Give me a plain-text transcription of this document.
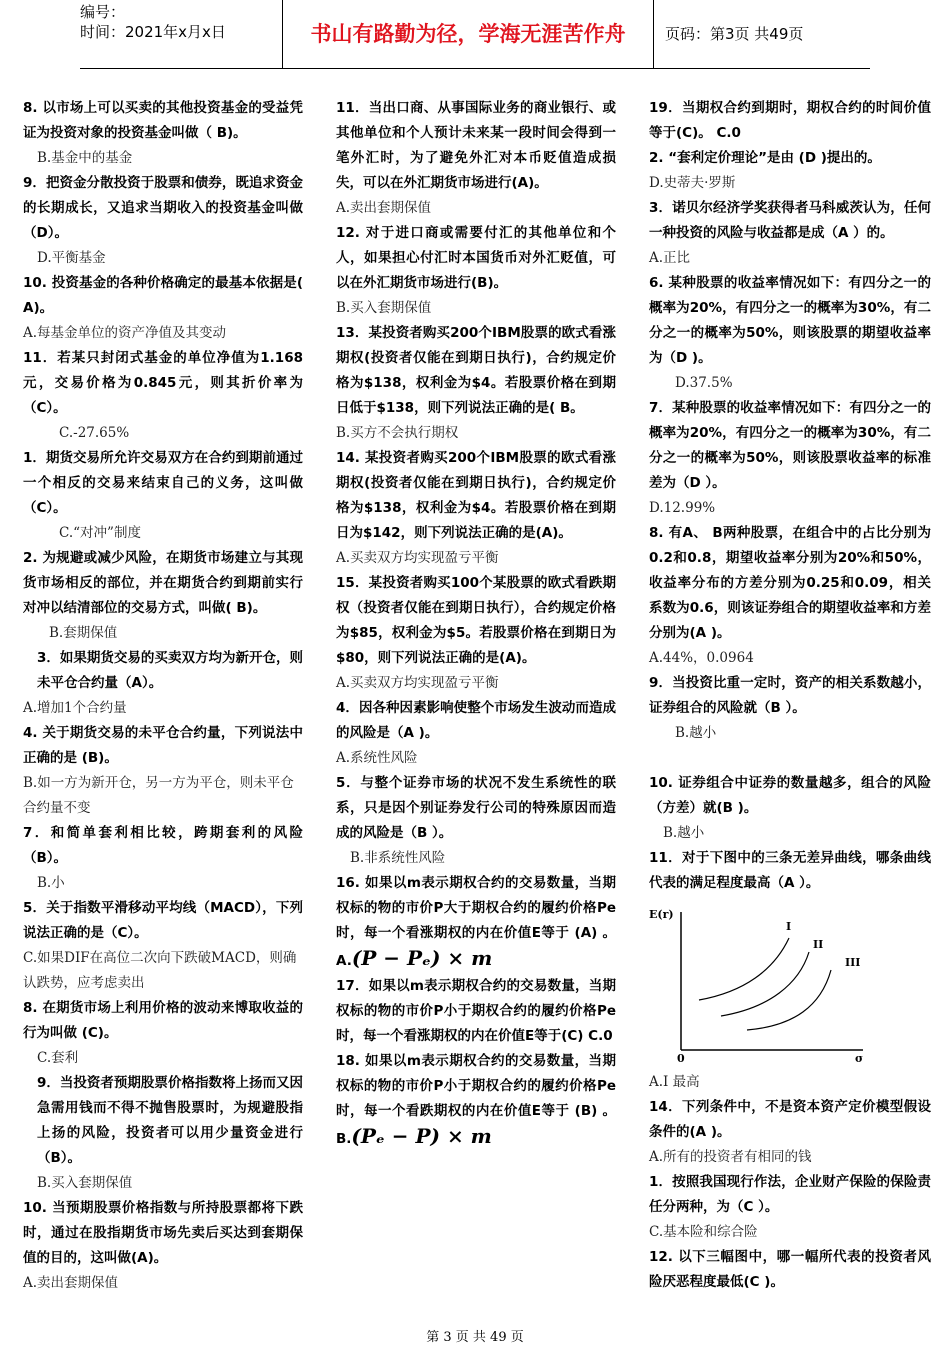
编号：
时间：2021年x月x日	书山有路勤为径，学海无涯苦作舟	页码：第3页 共49页

8. 以市场上可以买卖的其他投资基金的受益凭证为投资对象的投资基金叫做（ B)。

B.基金中的基金

9．把资金分散投资于股票和债券，既追求资金的长期成长，又追求当期收入的投资基金叫做（D）。

D.平衡基金

10. 投资基金的各种价格确定的最基本依据是( A)。

A.每基金单位的资产净值及其变动

11．若某只封闭式基金的单位净值为1.168元，交易价格为0.845元，则其折价率为（C）。

C.-27.65%

1．期货交易所允许交易双方在合约到期前通过一个相反的交易来结束自己的义务，这叫做（C）。

C.“对冲”制度

2. 为规避或减少风险，在期货市场建立与其现货市场相反的部位，并在期货合约到期前实行对冲以结清部位的交易方式，叫做( B)。

B.套期保值

3．如果期货交易的买卖双方均为新开仓，则未平仓合约量（A）。

A.增加1个合约量

4. 关于期货交易的未平仓合约量，下列说法中正确的是 (B)。

B.如一方为新开仓，另一方为平仓，则未平仓合约量不变

7．和简单套利相比较，跨期套利的风险（B）。

B.小

5．关于指数平滑移动平均线（MACD），下列说法正确的是（C）。

C.如果DIF在高位二次向下跌破MACD，则确认跌势，应考虑卖出

8. 在期货市场上利用价格的波动来博取收益的行为叫做 (C)。

C.套利

9．当投资者预期股票价格指数将上扬而又因急需用钱而不得不抛售股票时，为规避股指上扬的风险，投资者可以用少量资金进行（B）。

B.买入套期保值

10. 当预期股票价格指数与所持股票都将下跌时，通过在股指期货市场先卖后买达到套期保值的目的，这叫做(A)。

A.卖出套期保值

11．当出口商、从事国际业务的商业银行、或其他单位和个人预计未来某一段时间会得到一笔外汇时，为了避免外汇对本币贬值造成损失，可以在外汇期货市场进行(A)。

A.卖出套期保值

12. 对于进口商或需要付汇的其他单位和个人，如果担心付汇时本国货币对外汇贬值，可以在外汇期货市场进行(B)。

B.买入套期保值

13．某投资者购买200个IBM股票的欧式看涨期权(投资者仅能在到期日执行)，合约规定价格为$138，权利金为$4。若股票价格在到期日低于$138，则下列说法正确的是( B。

B.买方不会执行期权

14. 某投资者购买200个IBM股票的欧式看涨期权(投资者仅能在到期日执行)，合约规定价格为$138，权利金为$4。若股票价格在到期日为$142，则下列说法正确的是(A)。

A.买卖双方均实现盈亏平衡

15．某投资者购买100个某股票的欧式看跌期权（投资者仅能在到期日执行），合约规定价格为$85，权利金为$5。若股票价格在到期日为$80，则下列说法正确的是(A)。

A.买卖双方均实现盈亏平衡

4．因各种因素影响使整个市场发生波动而造成的风险是（A )。

A.系统性风险

5．与整个证券市场的状况不发生系统性的联系，只是因个别证券发行公司的特殊原因而造成的风险是（B ）。

B.非系统性风险

16. 如果以m表示期权合约的交易数量，当期权标的物的市价P大于期权合约的履约价格Pe时，每一个看涨期权的内在价值E等于 (A) 。A.(P − Pₑ) × m

17．如果以m表示期权合约的交易数量，当期权标的物的市价P小于期权合约的履约价格Pe时，每一个看涨期权的内在价值E等于(C) C.0

18. 如果以m表示期权合约的交易数量，当期权标的物的市价P小于期权合约的履约价格Pe时，每一个看跌期权的内在价值E等于 (B) 。B.(Pₑ − P) × m

19．当期权合约到期时，期权合约的时间价值等于(C)。 C.0

2. “套利定价理论”是由 (D )提出的。

D.史蒂夫·罗斯

3．诺贝尔经济学奖获得者马科威茨认为，任何一种投资的风险与收益都是成（A ）的。

A.正比

6. 某种股票的收益率情况如下：有四分之一的概率为20%，有四分之一的概率为30%，有二分之一的概率为50%，则该股票的期望收益率为（D )。

D.37.5%

7．某种股票的收益率情况如下：有四分之一的概率为20%，有四分之一的概率为30%，有二分之一的概率为50%，则该股票收益率的标准差为（D ）。

D.12.99%

8. 有A、 B两种股票，在组合中的占比分别为0.2和0.8，期望收益率分别为20%和50%，收益率分布的方差分别为0.25和0.09，相关系数为0.6，则该证券组合的期望收益率和方差分别为(A )。

A.44%，0.0964

9．当投资比重一定时，资产的相关系数越小，证券组合的风险就（B ）。

B.越小

10. 证券组合中证券的数量越多，组合的风险（方差）就(B )。

B.越小

11．对于下图中的三条无差异曲线，哪条曲线代表的满足程度最高（A ）。

E(r)
0	σ
I
II
III

A.Ⅰ 最高

14．下列条件中，不是资本资产定价模型假设条件的(A )。

A.所有的投资者有相同的钱

1．按照我国现行作法，企业财产保险的保险责任分两种，为（C ）。

C.基本险和综合险

12. 以下三幅图中，哪一幅所代表的投资者风险厌恶程度最低(C )。

第 3 页 共 49 页
